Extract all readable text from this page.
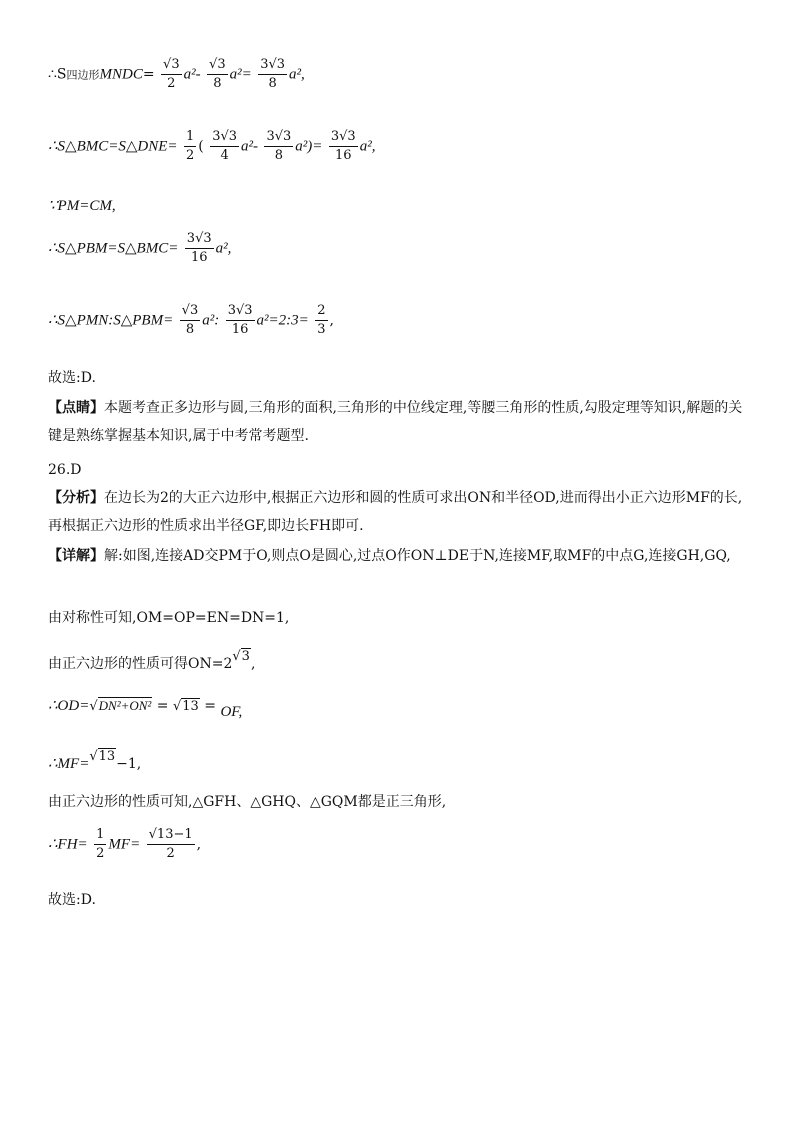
∴S四边形MNDC= $\frac{√3}{2} a^2- \frac{√3}{8} a^2= \frac{3√3}{8} a^2$,
∴S△BMC=S△DNE= $\frac{1}{2}$ ( $\frac{3√3}{4} a^2- \frac{3√3}{8} a^2)= \frac{3√3}{16} a^2$,
∵PM=CM,
∴S△PBM=S△BMC= $\frac{3√3}{16} a^2$,
∴S△PMN:S△PBM= $\frac{√3}{8} a^2$: $\frac{3√3}{16}$ a²=2:3= $\frac{2}{3}$ ,
故选:D.
【点睛】本题考查正多边形与圆,三角形的面积,三角形的中位线定理,等腰三角形的性质,勾股定理等知识,解题的关键是熟练掌握基本知识,属于中考常考题型.
26.D
【分析】在边长为2的大正六边形中,根据正六边形和圆的性质可求出ON和半径OD,进而得出小正六边形MF的长,再根据正六边形的性质求出半径GF,即边长FH即可.
【详解】解:如图,连接AD交PM于O,则点O是圆心,过点O作ON⊥DE于N,连接MF,取MF的中点G,连接GH,GQ,
由对称性可知,OM=OP=EN=DN=1,
由正六边形的性质可得ON=2√3,
∴OD=√DN²+ON² = √13 = OF,
∴MF=√13−1,
由正六边形的性质可知,△GFH、△GHQ、△GQM都是正三角形,
∴FH= $\frac{1}{2} MF= \frac{√13-1}{2}$ ,
故选:D.
